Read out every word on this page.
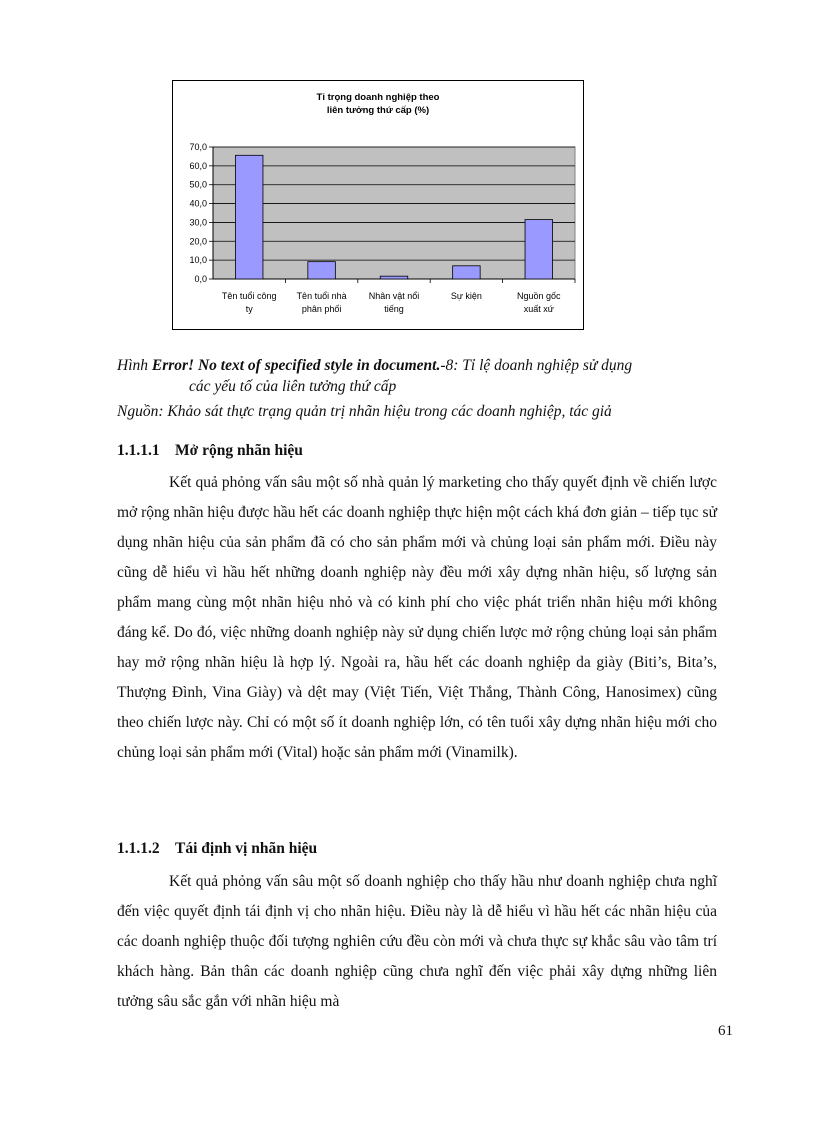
Tỉ trọng doanh nghiệp theo
liên tưởng thứ cấp (%)
0,0
10,0
20,0
30,0
40,0
50,0
60,0
70,0
Tên tuổi công
ty
Tên tuổi nhà
phân phối
Nhân vật nổi
tiếng
Sự kiện	Nguồn gốc
xuất xứ
Hình Error! No text of specified style in document.-8: Tỉ lệ doanh nghiệp sử dụng
các yếu tố của liên tưởng thứ cấp
Nguồn: Khảo sát thực trạng quản trị nhãn hiệu trong các doanh nghiệp, tác giả
1.1.1.1 Mở rộng nhãn hiệu
Kết quả phỏng vấn sâu một số nhà quản lý marketing cho thấy quyết định về chiến lược mở rộng nhãn hiệu được hầu hết các doanh nghiệp thực hiện một cách khá đơn giản – tiếp tục sử dụng nhãn hiệu của sản phẩm đã có cho sản phẩm mới và chủng loại sản phẩm mới. Điều này cũng dễ hiểu vì hầu hết những doanh nghiệp này đều mới xây dựng nhãn hiệu, số lượng sản phẩm mang cùng một nhãn hiệu nhỏ và có kinh phí cho việc phát triển nhãn hiệu mới không đáng kể. Do đó, việc những doanh nghiệp này sử dụng chiến lược mở rộng chủng loại sản phẩm hay mở rộng nhãn hiệu là hợp lý. Ngoài ra, hầu hết các doanh nghiệp da giày (Biti’s, Bita’s, Thượng Đình, Vina Giày) và dệt may (Việt Tiến, Việt Thắng, Thành Công, Hanosimex) cũng theo chiến lược này. Chỉ có một số ít doanh nghiệp lớn, có tên tuổi xây dựng nhãn hiệu mới cho chủng loại sản phẩm mới (Vital) hoặc sản phẩm mới (Vinamilk).
1.1.1.2 Tái định vị nhãn hiệu
Kết quả phỏng vấn sâu một số doanh nghiệp cho thấy hầu như doanh nghiệp chưa nghĩ đến việc quyết định tái định vị cho nhãn hiệu. Điều này là dễ hiểu vì hầu hết các nhãn hiệu của các doanh nghiệp thuộc đối tượng nghiên cứu đều còn mới và chưa thực sự khắc sâu vào tâm trí khách hàng. Bản thân các doanh nghiệp cũng chưa nghĩ đến việc phải xây dựng những liên tưởng sâu sắc gắn với nhãn hiệu mà
61
